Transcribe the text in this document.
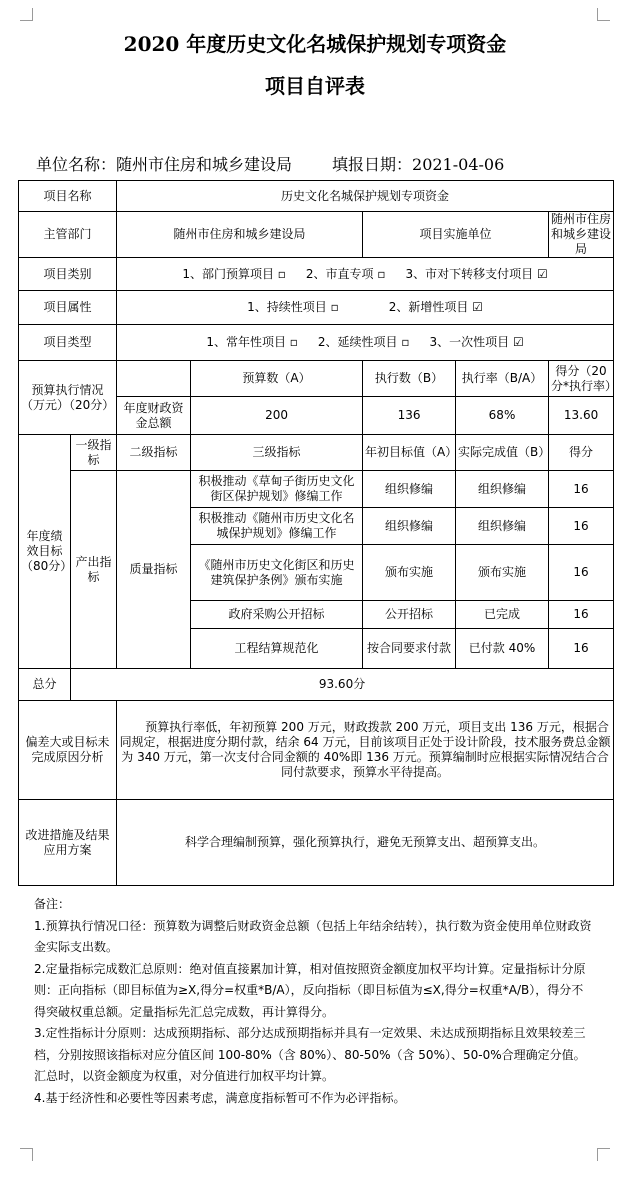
2020 年度历史文化名城保护规划专项资金
项目自评表
单位名称：随州市住房和城乡建设局	填报日期：2021-04-06
项目名称		历史文化名城保护规划专项资金				
主管部门		随州市住房和城乡建设局		项目实施单位		随州市住房和城乡建设局
项目类别		1、部门预算项目 ▫ 2、市直专项 ▫ 3、市对下转移支付项目 ☑				
项目属性		1、持续性项目 ▫ 2、新增性项目 ☑				
项目类型		1、常年性项目 ▫ 2、延续性项目 ▫ 3、一次性项目 ☑				
预算执行情况（万元）（20分）			预算数（A）	执行数（B）	执行率（B/A）	得分（20分*执行率）
		年度财政资金总额	200	136	68%	13.60
年度绩效目标（80分）	一级指标	二级指标	三级指标	年初目标值（A）	实际完成值（B）	得分
	产出指标	质量指标	积极推动《草甸子街历史文化街区保护规划》修编工作	组织修编	组织修编	16
			积极推动《随州市历史文化名城保护规划》修编工作	组织修编	组织修编	16
			《随州市历史文化街区和历史建筑保护条例》颁布实施	颁布实施	颁布实施	16
			政府采购公开招标	公开招标	已完成	16
			工程结算规范化	按合同要求付款	已付款 40%	16
总分	93.60分					
偏差大或目标未完成原因分析		预算执行率低，年初预算 200 万元，财政拨款 200 万元，项目支出 136 万元，根据合同规定，根据进度分期付款，结余 64 万元，目前该项目正处于设计阶段，技术服务费总金额为 340 万元，第一次支付合同金额的 40%即 136 万元。预算编制时应根据实际情况结合合同付款要求，预算水平待提高。				
改进措施及结果应用方案		科学合理编制预算，强化预算执行，避免无预算支出、超预算支出。				

备注：

1.预算执行情况口径：预算数为调整后财政资金总额（包括上年结余结转），执行数为资金使用单位财政资金实际支出数。

2.定量指标完成数汇总原则：绝对值直接累加计算，相对值按照资金额度加权平均计算。定量指标计分原则：正向指标（即目标值为≥X,得分=权重*B/A），反向指标（即目标值为≤X,得分=权重*A/B），得分不得突破权重总额。定量指标先汇总完成数，再计算得分。

3.定性指标计分原则：达成预期指标、部分达成预期指标并具有一定效果、未达成预期指标且效果较差三档，分别按照该指标对应分值区间 100-80%（含 80%）、80-50%（含 50%）、50-0%合理确定分值。汇总时，以资金额度为权重，对分值进行加权平均计算。

4.基于经济性和必要性等因素考虑，满意度指标暂可不作为必评指标。
